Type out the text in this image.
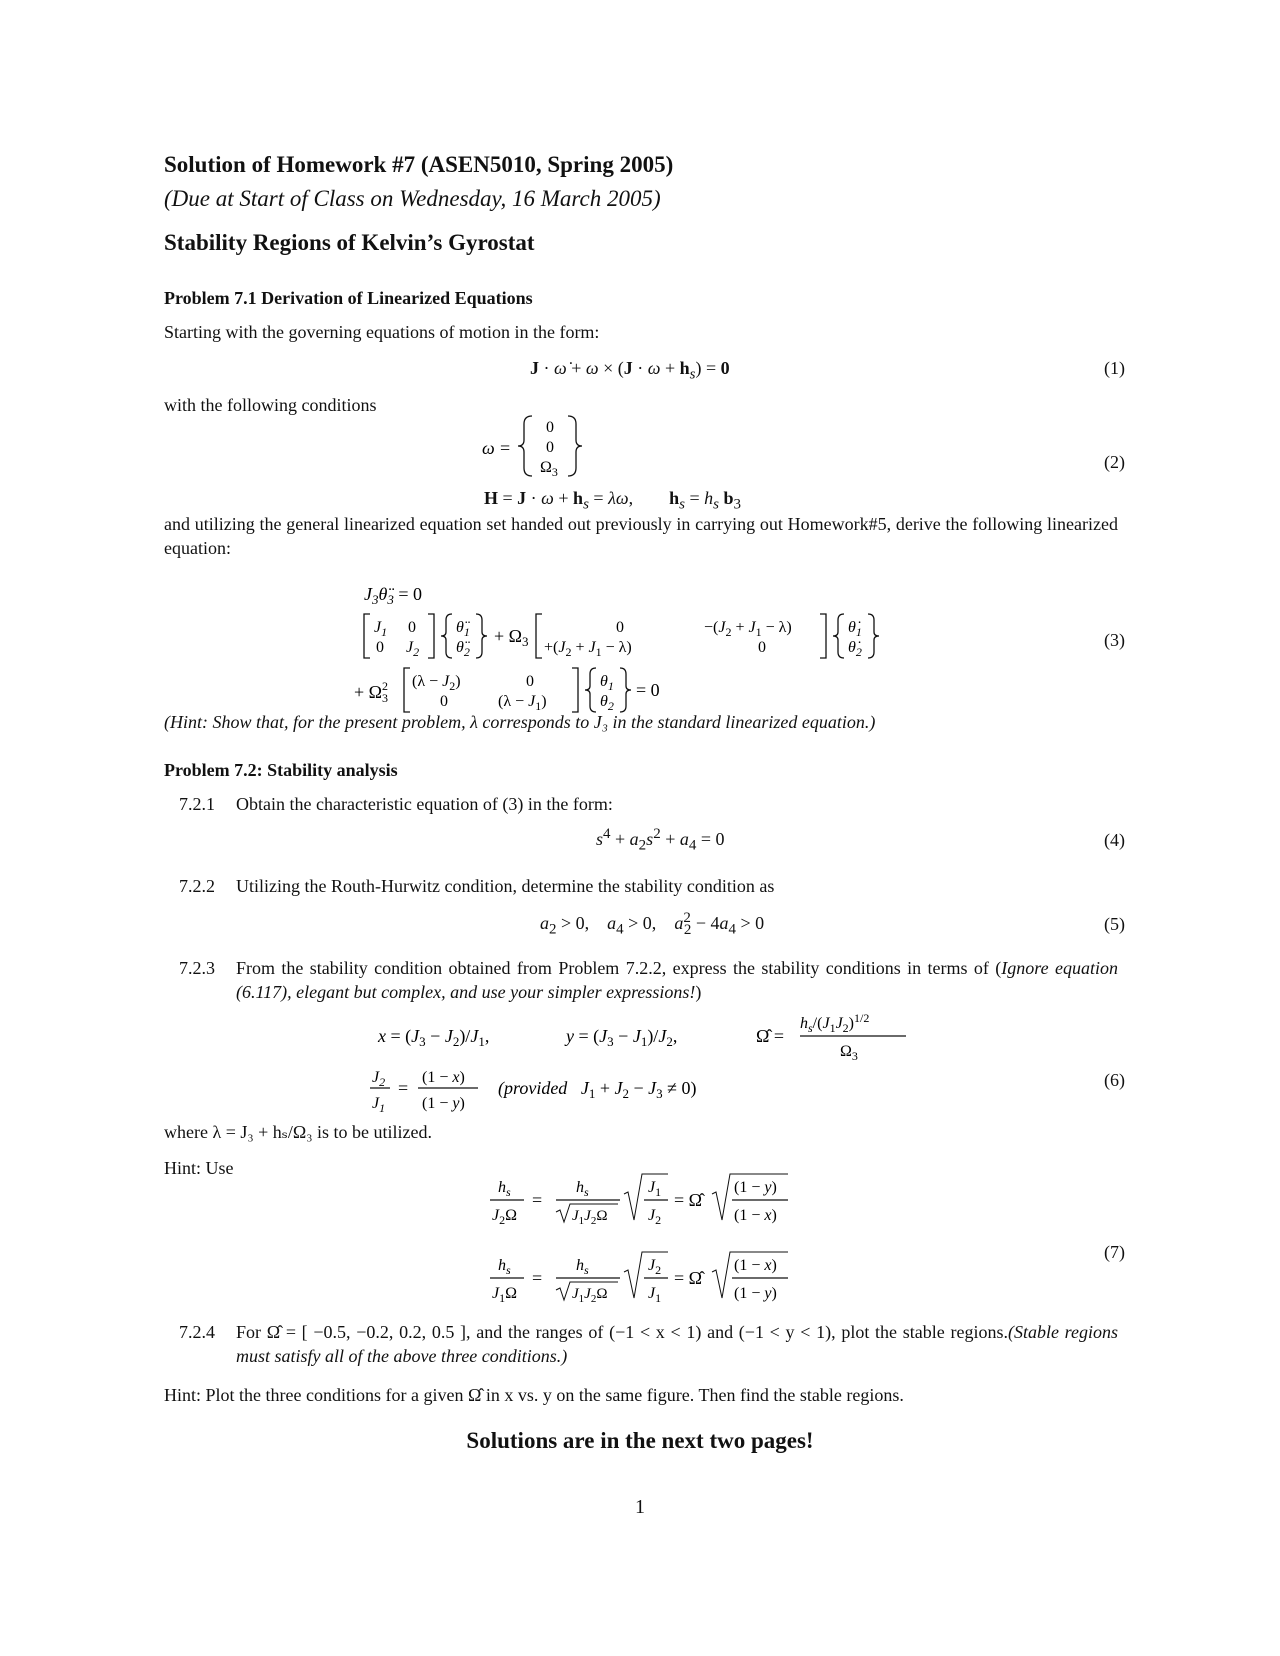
Solution of Homework #7 (ASEN5010, Spring 2005)
(Due at Start of Class on Wednesday, 16 March 2005)
Stability Regions of Kelvin’s Gyrostat
Problem 7.1 Derivation of Linearized Equations
Starting with the governing equations of motion in the form:
J · ω̇ + $\omega \times (J \cdot \omega + h_s) = 0$	(1)
with the following conditions
ω =
0
0
$\Omega_3$	(2)
$H = J \cdot \omega + h_s = \lambda\omega$,        $h_s = h_s$ $b_3$
and utilizing the general linearized equation set handed out previously in carrying out Homework#5, derive the following linearized equation:
$J_3\thetä_3 = 0$
$J_1$ 0
0 $J_2$
$\thetä_1$
$\thetä_2$
+ $\Omega_3$
0
$+(J_2 + J_1 - \lambda)$
$-(J_2 + J_1 - \lambda)$
0
$\thetȧ_1$
$\thetȧ_2$
+ $\Omega^2$ 3
$(\lambda - J_2)$
0
0
$(\lambda - J_1)$
$\theta_1$
$\theta_2$
= 0
(3)
(Hint: Show that, for the present problem, λ corresponds to J₃ in the standard linearized equation.)
Problem 7.2: Stability analysis
7.2.1 Obtain the characteristic equation of (3) in the form:
$s^4 + a_2s^2 + a_4 = 0$	(4)
7.2.2 Utilizing the Routh-Hurwitz condition, determine the stability condition as
$a_2 > 0$,    $a_4 > 0$,    $a^2_2 - 4a_4 > 0$	(5)
7.2.3 From the stability condition obtained from Problem 7.2.2, express the stability conditions in terms of (Ignore equation (6.117), elegant but complex, and use your simpler expressions!)
$x = (J_3 - J_2)/J_1$,	$y = (J_3 - J_1)/J_2$,	Ω̂ =
$h_s/(J_1J_2)^{1/2}$
$\Omega_3$
$J_2$
$J_1$
=
(1 − x)
(1 − y)
(provided $J_1 + J_2 - J_3 \ne 0$)	(6)
where λ = J₃ + hₛ/Ω₃ is to be utilized.
Hint: Use
$h_s$
$J_2\Omega$
=
$h_s$
$J_1J_2\Omega$
$J_1$
$J_2$
= Ω̂
(1 − y)
(1 − x)
$h_s$
$J_1\Omega$
=
$h_s$
$J_1J_2\Omega$
$J_2$
$J_1$
= Ω̂
(1 − x)
(1 − y)
(7)
7.2.4 For Ω̂ = [ −0.5, −0.2, 0.2, 0.5 ], and the ranges of (−1 < x < 1) and (−1 < y < 1), plot the stable regions.(Stable regions must satisfy all of the above three conditions.)
Hint: Plot the three conditions for a given Ω̂ in x vs. y on the same figure. Then find the stable regions.
Solutions are in the next two pages!
1
